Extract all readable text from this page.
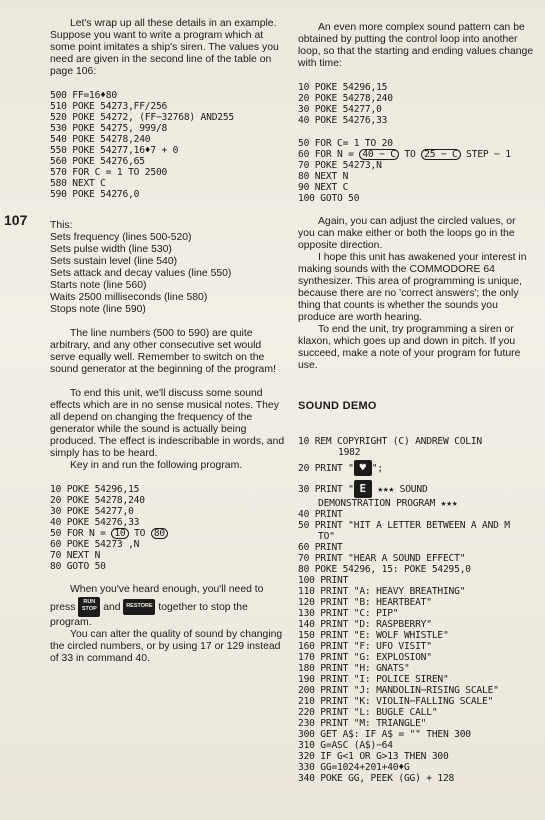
107

Let's wrap up all these details in an example. Suppose you want to write a program which at some point imitates a ship's siren. The values you need are given in the second line of the table on page 106:

500 FF=16♦80
510 POKE 54273,FF/256
520 POKE 54272, (FF−32768) AND255
530 POKE 54275, 999/8
540 POKE 54278,240
550 POKE 54277,16♦7 + 0
560 POKE 54276,65
570 FOR C = 1 TO 2500
580 NEXT C
590 POKE 54276,0
This:
Sets frequency (lines 500-520)
Sets pulse width (line 530)
Sets sustain level (line 540)
Sets attack and decay values (line 550)
Starts note (line 560)
Waits 2500 milliseconds (line 580)
Stops note (line 590)

The line numbers (500 to 590) are quite arbitrary, and any other consecutive set would serve equally well. Remember to switch on the sound generator at the beginning of the program!

To end this unit, we'll discuss some sound effects which are in no sense musical notes. They all depend on changing the frequency of the generator while the sound is actually being produced. The effect is indescribable in words, and simply has to be heard.

Key in and run the following program.

10 POKE 54296,15
20 POKE 54278,240
30 POKE 54277,0
40 POKE 54276,33
50 FOR N = 10 TO 80
60 POKE 54273 ,N
70 NEXT N
80 GOTO 50

When you've heard enough, you'll need to

press RUN
STOP and RESTORE together to stop the program.

You can alter the quality of sound by changing the circled numbers, or by using 17 or 129 instead of 33 in command 40.

An even more complex sound pattern can be obtained by putting the control loop into another loop, so that the starting and ending values change with time:

10 POKE 54296,15
20 POKE 54278,240
30 POKE 54277,0
40 POKE 54276,33
50 FOR C= 1 TO 20
60 FOR N = 40 − C TO 25 − C STEP − 1
70 POKE 54273,N
80 NEXT N
90 NEXT C
100 GOTO 50

Again, you can adjust the circled values, or you can make either or both the loops go in the opposite direction.

I hope this unit has awakened your interest in making sounds with the COMMODORE 64 synthesizer. This area of programming is unique, because there are no 'correct answers'; the only thing that counts is whether the sounds you produce are worth hearing.

To end the unit, try programming a siren or klaxon, which goes up and down in pitch. If you succeed, make a note of your program for future use.

SOUND DEMO
10 REM COPYRIGHT (C) ANDREW COLIN
1982
20 PRINT " ♥ ";
30 PRINT " E ★★★ SOUND
DEMONSTRATION PROGRAM ★★★
40 PRINT
50 PRINT "HIT A LETTER BETWEEN A AND M
TO"
60 PRINT
70 PRINT "HEAR A SOUND EFFECT"
80 POKE 54296, 15: POKE 54295,0
100 PRINT
110 PRINT "A: HEAVY BREATHING"
120 PRINT "B: HEARTBEAT"
130 PRINT "C: PIP"
140 PRINT "D: RASPBERRY"
150 PRINT "E: WOLF WHISTLE"
160 PRINT "F: UFO VISIT"
170 PRINT "G: EXPLOSION"
180 PRINT "H: GNATS"
190 PRINT "I: POLICE SIREN"
200 PRINT "J: MANDOLIN−RISING SCALE"
210 PRINT "K: VIOLIN−FALLING SCALE"
220 PRINT "L: BUGLE CALL"
230 PRINT "M: TRIANGLE"
300 GET A$: IF A$ = "" THEN 300
310 G=ASC (A$)−64
320 IF G<1 OR G>13 THEN 300
330 GG=1024+201+40♦G
340 POKE GG, PEEK (GG) + 128
